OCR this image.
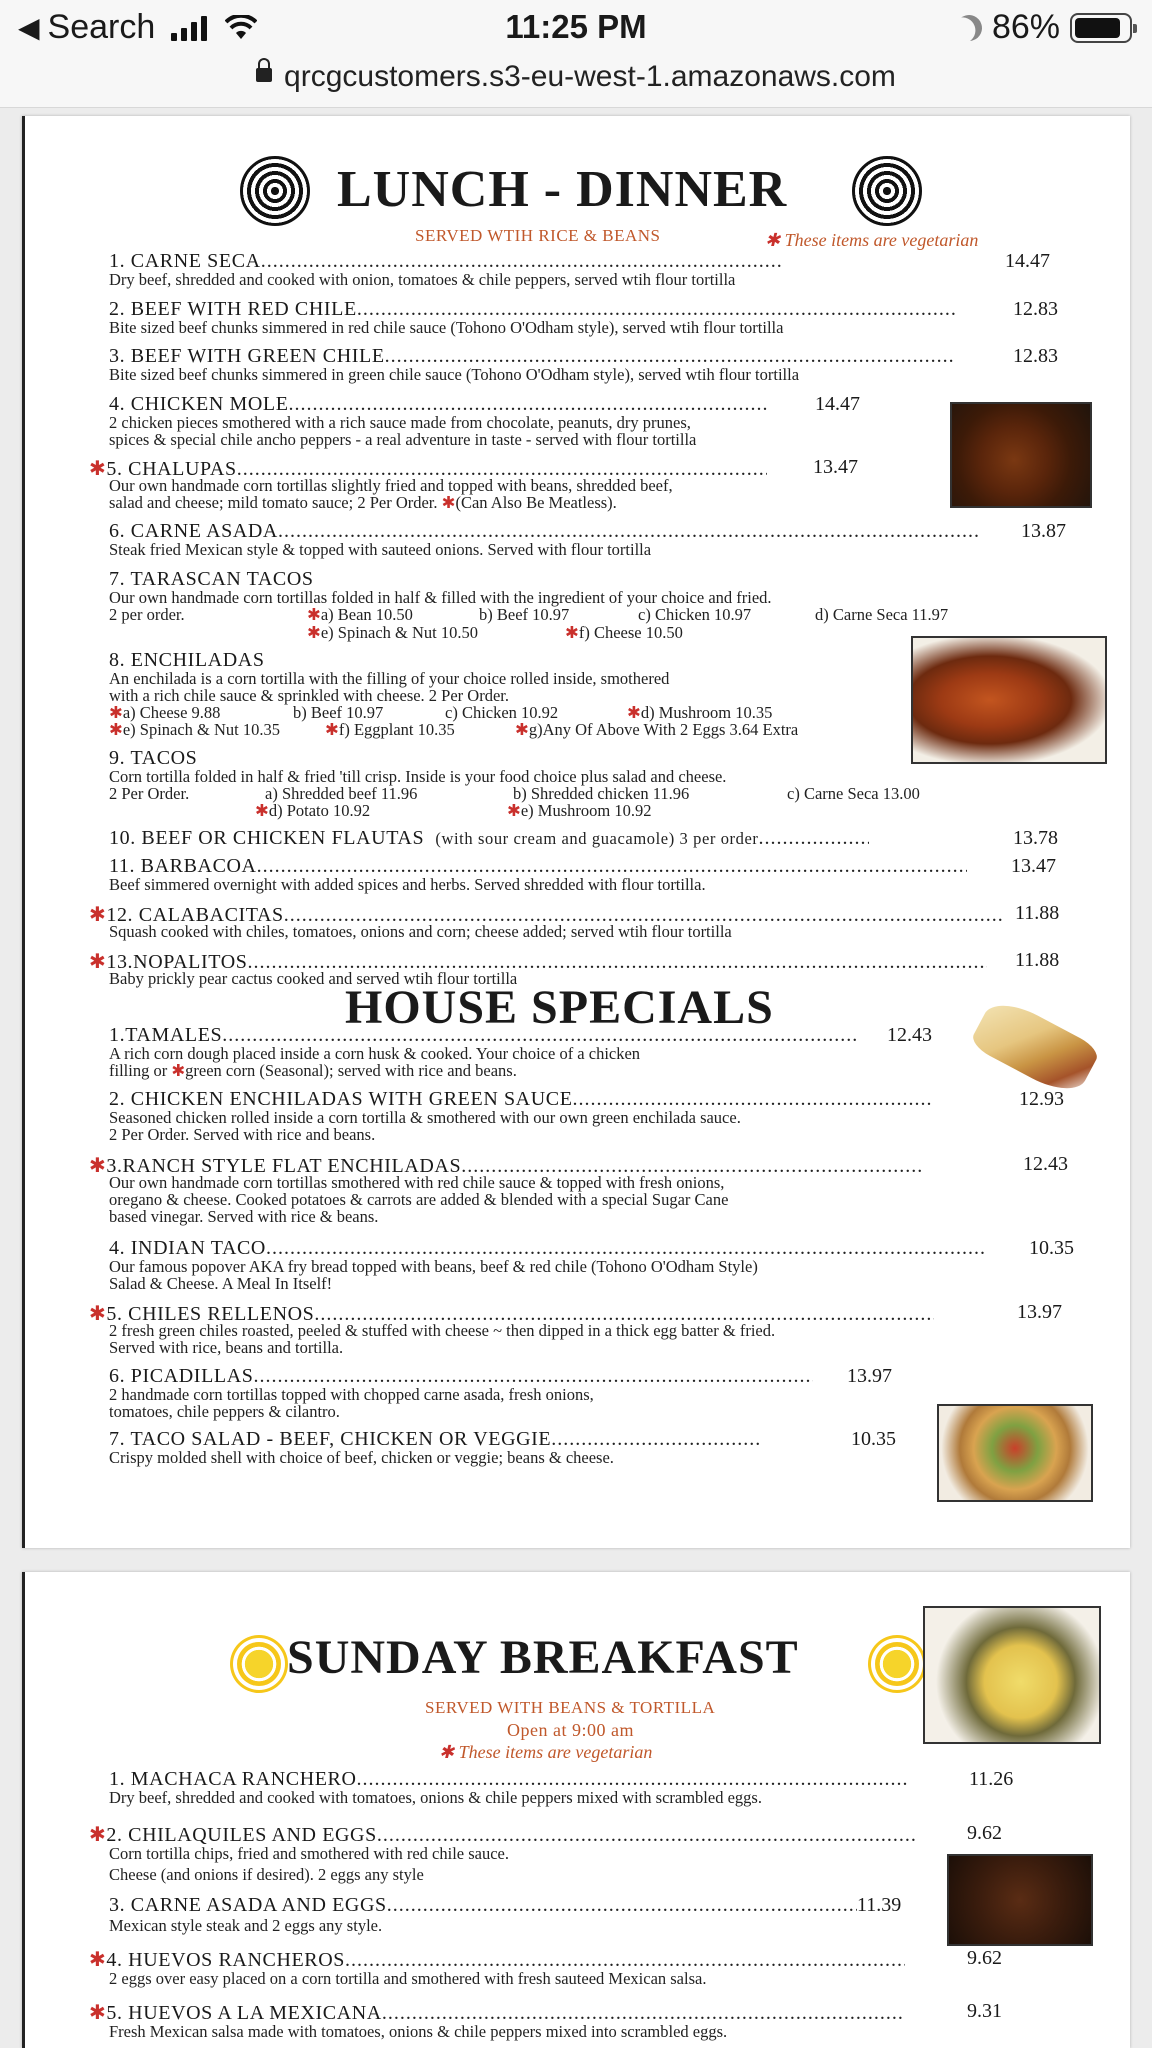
◀ Search	11:25 PM	86%
qrcgcustomers.s3-eu-west-1.amazonaws.com
LUNCH - DINNER
SERVED WTIH RICE & BEANS	✱ These items are vegetarian
1. CARNE SECA .....	14.47
Dry beef, shredded and cooked with onion, tomatoes & chile peppers, served wtih flour tortilla
2. BEEF WITH RED CHILE .....	12.83
Bite sized beef chunks simmered in red chile sauce (Tohono O'Odham style), served wtih flour tortilla
3. BEEF WITH GREEN CHILE .....	12.83
Bite sized beef chunks simmered in green chile sauce (Tohono O'Odham style), served wtih flour tortilla
4. CHICKEN MOLE .....	14.47
2 chicken pieces smothered with a rich sauce made from chocolate, peanuts, dry prunes,
spices & special chile ancho peppers - a real adventure in taste - served with flour tortilla
✱5. CHALUPAS .....	13.47
Our own handmade corn tortillas slightly fried and topped with beans, shredded beef,
salad and cheese; mild tomato sauce; 2 Per Order. ✱(Can Also Be Meatless).
6. CARNE ASADA .....	13.87
Steak fried Mexican style & topped with sauteed onions. Served with flour tortilla
7. TARASCAN TACOS
Our own handmade corn tortillas folded in half & filled with the ingredient of your choice and fried.
2 per order.	✱a) Bean 10.50	b) Beef 10.97	c) Chicken 10.97	d) Carne Seca 11.97
✱e) Spinach & Nut 10.50	✱f) Cheese 10.50
8. ENCHILADAS
An enchilada is a corn tortilla with the filling of your choice rolled inside, smothered
with a rich chile sauce & sprinkled with cheese. 2 Per Order.
✱a) Cheese 9.88	b) Beef 10.97	c) Chicken 10.92	✱d) Mushroom 10.35
✱e) Spinach & Nut 10.35	✱f) Eggplant 10.35	✱g)Any Of Above With 2 Eggs 3.64 Extra
9. TACOS
Corn tortilla folded in half & fried 'till crisp. Inside is your food choice plus salad and cheese.
2 Per Order.	a) Shredded beef 11.96	b) Shredded chicken 11.96	c) Carne Seca 13.00
✱d) Potato 10.92	✱e) Mushroom 10.92
10. BEEF OR CHICKEN FLAUTAS (with sour cream and guacamole) 3 per order .....	13.78
11. BARBACOA .....	13.47
Beef simmered overnight with added spices and herbs. Served shredded with flour tortilla.
✱12. CALABACITAS .....	11.88
Squash cooked with chiles, tomatoes, onions and corn; cheese added; served wtih flour tortilla
✱13.NOPALITOS .....	11.88
Baby prickly pear cactus cooked and served wtih flour tortilla
HOUSE SPECIALS
1.TAMALES .....	12.43
A rich corn dough placed inside a corn husk & cooked. Your choice of a chicken
filling or ✱green corn (Seasonal); served with rice and beans.
2. CHICKEN ENCHILADAS WITH GREEN SAUCE .....	12.93
Seasoned chicken rolled inside a corn tortilla & smothered with our own green enchilada sauce.
2 Per Order. Served with rice and beans.
✱3.RANCH STYLE FLAT ENCHILADAS .....	12.43
Our own handmade corn tortillas smothered with red chile sauce & topped with fresh onions,
oregano & cheese. Cooked potatoes & carrots are added & blended with a special Sugar Cane
based vinegar. Served with rice & beans.
4. INDIAN TACO .....	10.35
Our famous popover AKA fry bread topped with beans, beef & red chile (Tohono O'Odham Style)
Salad & Cheese. A Meal In Itself!
✱5. CHILES RELLENOS .....	13.97
2 fresh green chiles roasted, peeled & stuffed with cheese ~ then dipped in a thick egg batter & fried.
Served with rice, beans and tortilla.
6. PICADILLAS .....	13.97
2 handmade corn tortillas topped with chopped carne asada, fresh onions,
tomatoes, chile peppers & cilantro.
7. TACO SALAD - BEEF, CHICKEN OR VEGGIE .....	10.35
Crispy molded shell with choice of beef, chicken or veggie; beans & cheese.
SUNDAY BREAKFAST
SERVED WITH BEANS & TORTILLA
Open at 9:00 am
✱ These items are vegetarian
1. MACHACA RANCHERO .....	11.26
Dry beef, shredded and cooked with tomatoes, onions & chile peppers mixed with scrambled eggs.
✱2. CHILAQUILES AND EGGS .....	9.62
Corn tortilla chips, fried and smothered with red chile sauce.
Cheese (and onions if desired). 2 eggs any style
3. CARNE ASADA AND EGGS .....	11.39
Mexican style steak and 2 eggs any style.
✱4. HUEVOS RANCHEROS .....	9.62
2 eggs over easy placed on a corn tortilla and smothered with fresh sauteed Mexican salsa.
✱5. HUEVOS A LA MEXICANA .....	9.31
Fresh Mexican salsa made with tomatoes, onions & chile peppers mixed into scrambled eggs.
